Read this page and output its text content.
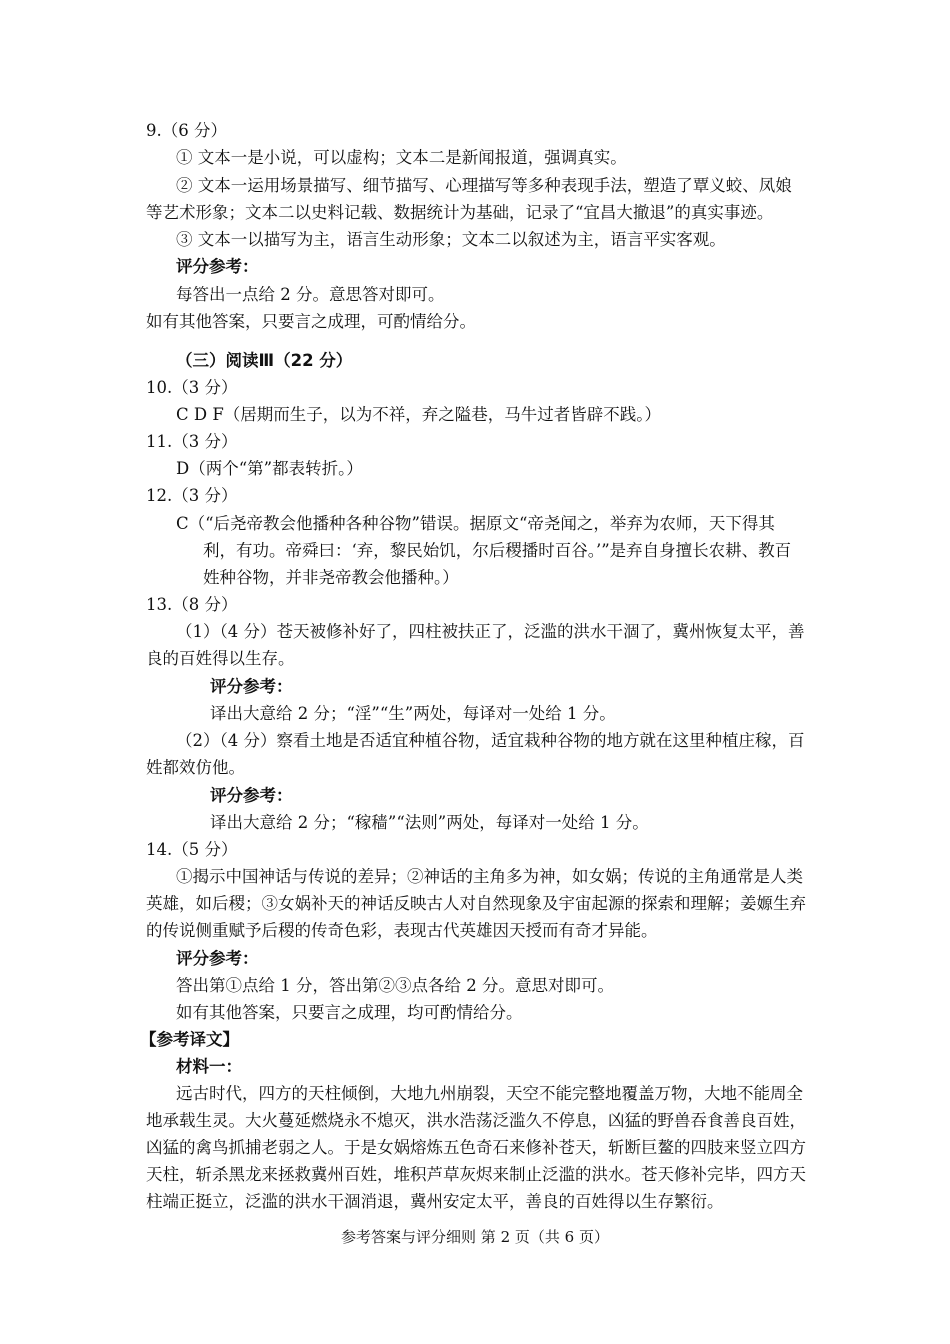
9.（6 分）
① 文本一是小说，可以虚构；文本二是新闻报道，强调真实。
② 文本一运用场景描写、细节描写、心理描写等多种表现手法，塑造了覃义蛟、凤娘
等艺术形象；文本二以史料记载、数据统计为基础，记录了“宜昌大撤退”的真实事迹。
③ 文本一以描写为主，语言生动形象；文本二以叙述为主，语言平实客观。
评分参考：
每答出一点给 2 分。意思答对即可。
如有其他答案，只要言之成理，可酌情给分。
（三）阅读Ⅲ（22 分）
10.（3 分）
C D F（居期而生子，以为不祥，弃之隘巷，马牛过者皆辟不践。）
11.（3 分）
D（两个“第”都表转折。）
12.（3 分）
C（“后尧帝教会他播种各种谷物”错误。据原文“帝尧闻之，举弃为农师，天下得其
利，有功。帝舜曰：‘弃，黎民始饥，尔后稷播时百谷。’”是弃自身擅长农耕、教百
姓种谷物，并非尧帝教会他播种。）
13.（8 分）
（1）（4 分）苍天被修补好了，四柱被扶正了，泛滥的洪水干涸了，冀州恢复太平，善
良的百姓得以生存。
评分参考：
译出大意给 2 分；“淫”“生”两处，每译对一处给 1 分。
（2）（4 分）察看土地是否适宜种植谷物，适宜栽种谷物的地方就在这里种植庄稼，百
姓都效仿他。
评分参考：
译出大意给 2 分；“稼穑”“法则”两处，每译对一处给 1 分。
14.（5 分）
①揭示中国神话与传说的差异；②神话的主角多为神，如女娲；传说的主角通常是人类
英雄，如后稷；③女娲补天的神话反映古人对自然现象及宇宙起源的探索和理解；姜嫄生弃
的传说侧重赋予后稷的传奇色彩，表现古代英雄因天授而有奇才异能。
评分参考：
答出第①点给 1 分，答出第②③点各给 2 分。意思对即可。
如有其他答案，只要言之成理，均可酌情给分。
【参考译文】
材料一：
远古时代，四方的天柱倾倒，大地九州崩裂，天空不能完整地覆盖万物，大地不能周全
地承载生灵。大火蔓延燃烧永不熄灭，洪水浩荡泛滥久不停息，凶猛的野兽吞食善良百姓，
凶猛的禽鸟抓捕老弱之人。于是女娲熔炼五色奇石来修补苍天，斩断巨鳌的四肢来竖立四方
天柱，斩杀黑龙来拯救冀州百姓，堆积芦草灰烬来制止泛滥的洪水。苍天修补完毕，四方天
柱端正挺立，泛滥的洪水干涸消退，冀州安定太平，善良的百姓得以生存繁衍。
参考答案与评分细则 第 2 页（共 6 页）
